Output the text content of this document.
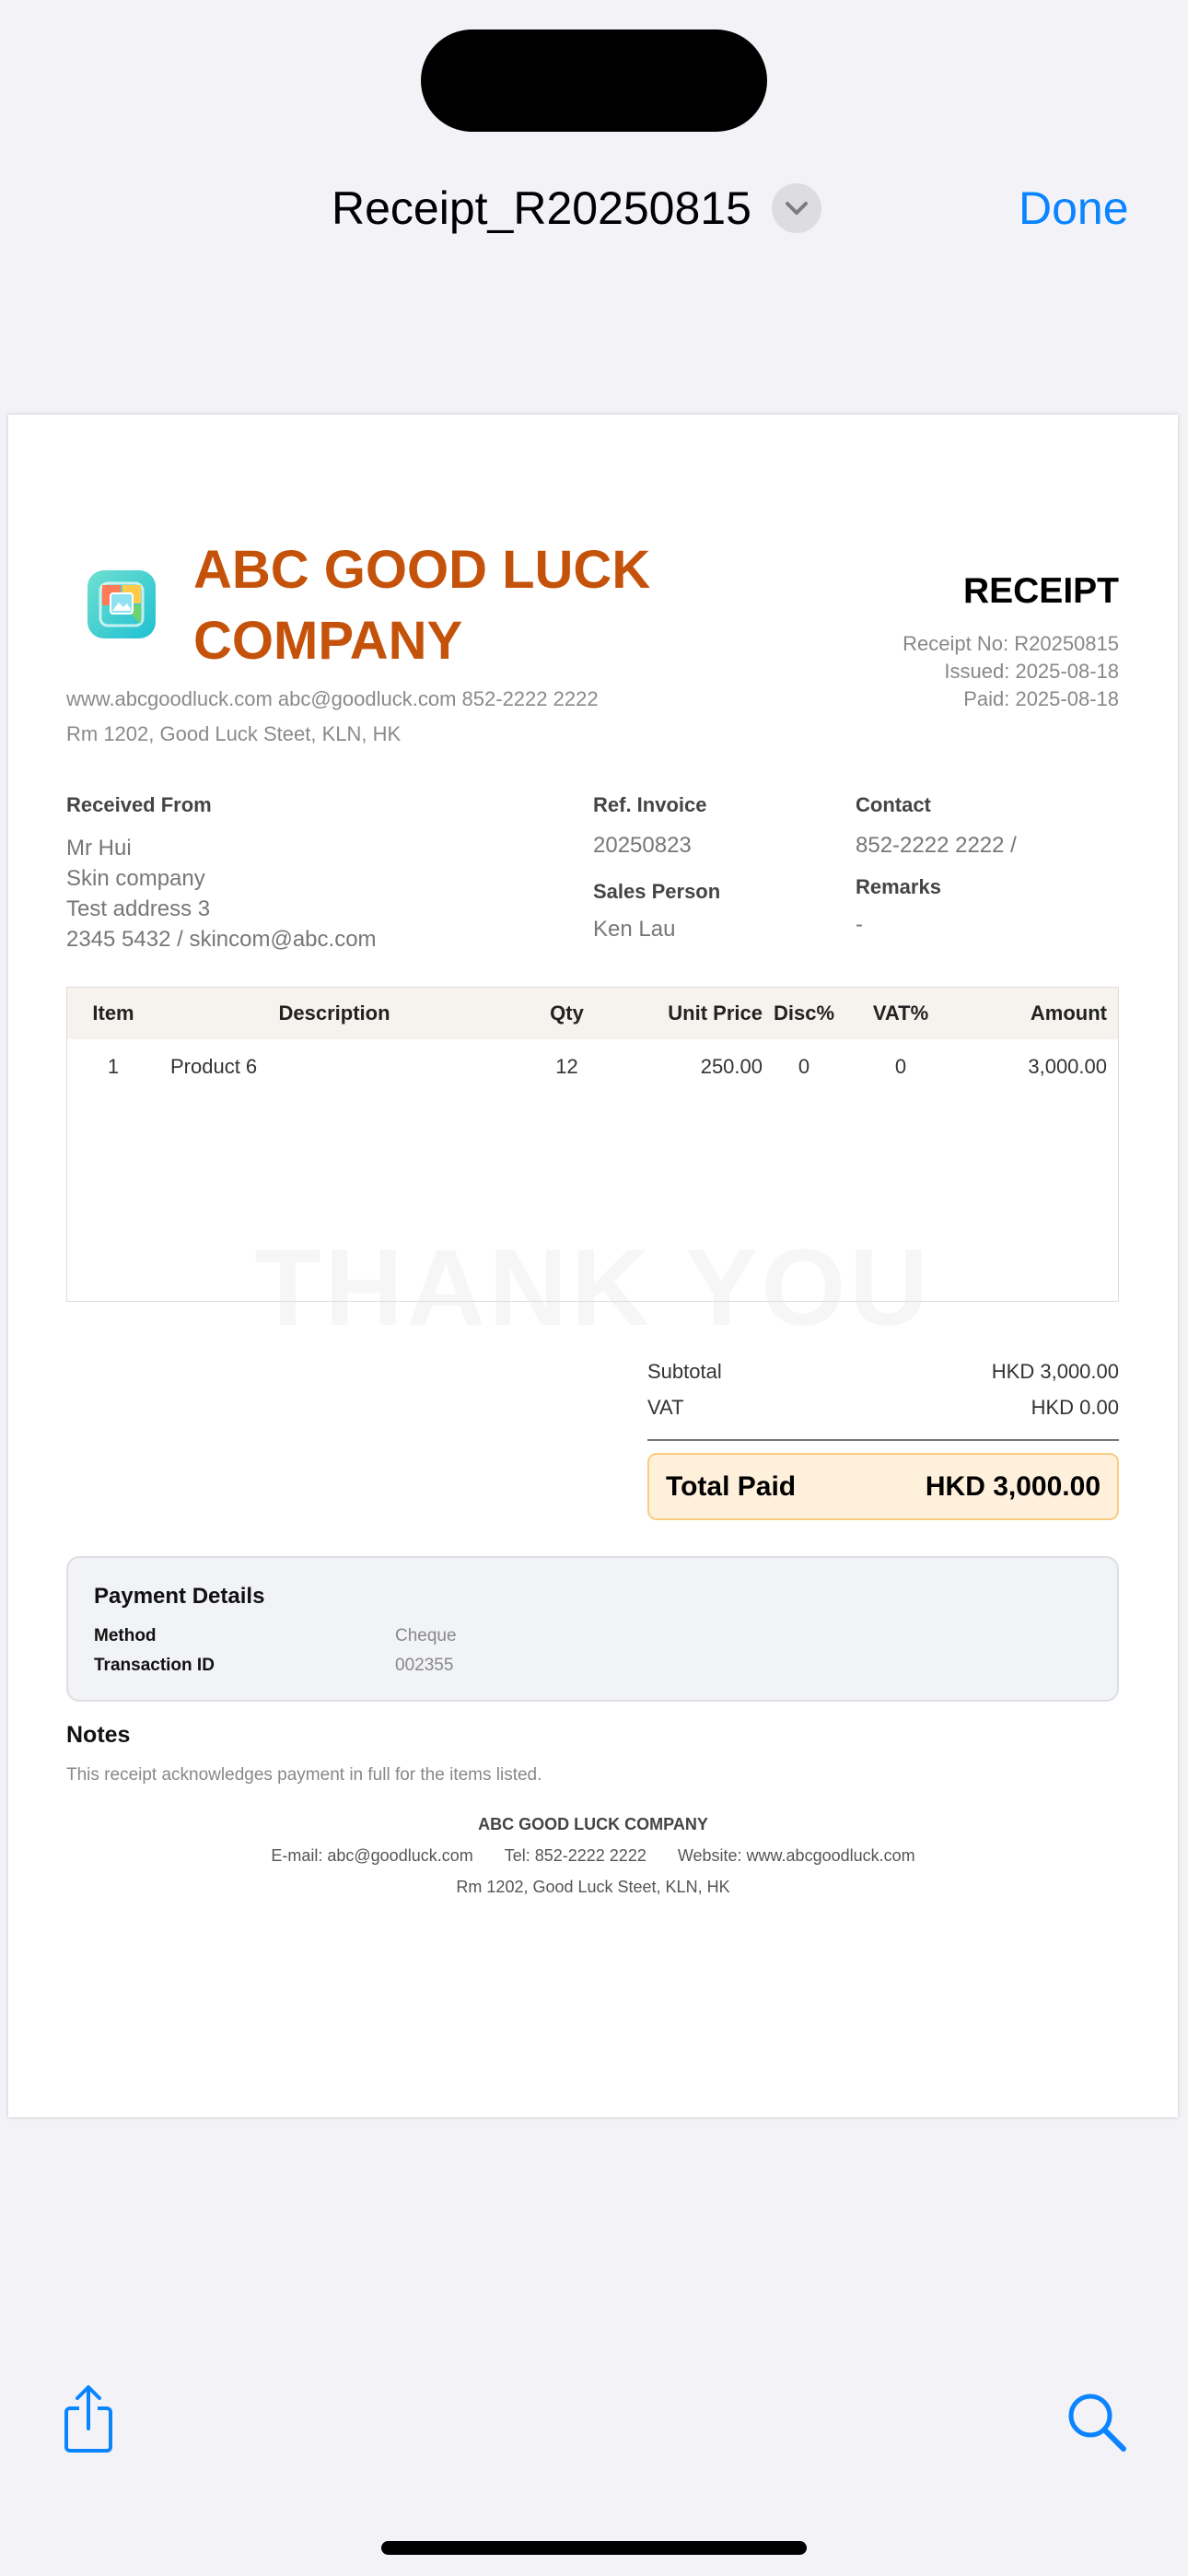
Receipt_R20250815	Done
THANK YOU
ABC GOOD LUCK
COMPANY
www.abcgoodluck.com abc@goodluck.com 852-2222 2222
Rm 1202, Good Luck Steet, KLN, HK
RECEIPT
Receipt No: R20250815
Issued: 2025-08-18
Paid: 2025-08-18
Received From
Mr Hui
Skin company
Test address 3
2345 5432 / skincom@abc.com
Ref. Invoice
20250823
Sales Person
Ken Lau
Contact
852-2222 2222 /
Remarks
-
Item	Description	Qty	Unit Price	Disc%	VAT%	Amount
1	Product 6	12	250.00	0	0	3,000.00
Subtotal	HKD 3,000.00
VAT	HKD 0.00
Total Paid	HKD 3,000.00
Payment Details
Method	Cheque
Transaction ID	002355
Notes
This receipt acknowledges payment in full for the items listed.
ABC GOOD LUCK COMPANY
E-mail: abc@goodluck.com Tel: 852-2222 2222 Website: www.abcgoodluck.com
Rm 1202, Good Luck Steet, KLN, HK
